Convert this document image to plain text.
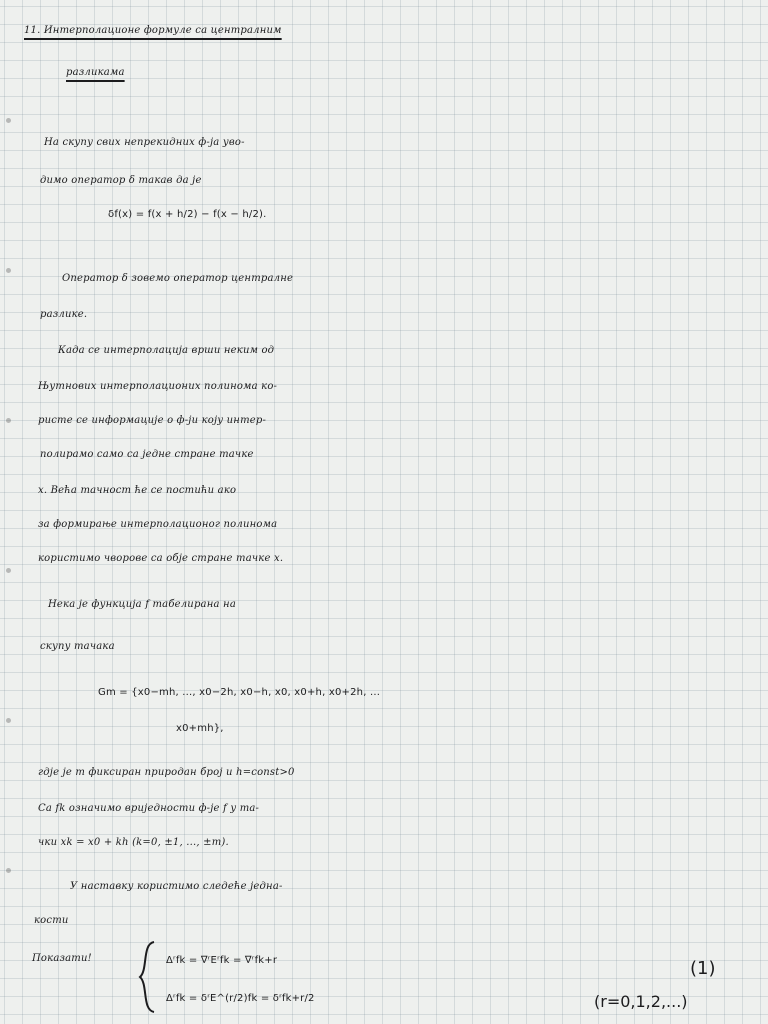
11. Интерполационе формуле са централним
разликама
На скупу свих непрекидних ф-ја уво-
димо оператор δ такав да је
δf(x) = f(x + h/2) − f(x − h/2).
Оператор δ зовемо оператор централне
разлике.
Када се интерполација врши неким од
Њутнових интерполационих полинома ко-
ристе се информације о ф-ји коју интер-
полирамо само са једне стране тачке
x. Већа тачност ће се постићи ако
за формирање интерполационог полинома
користимо чворове са обје стране тачке x.
Нека је функција f табелирана на
скупу тачака
Gm = {x0−mh, ..., x0−2h, x0−h, x0, x0+h, x0+2h, ...
x0+mh},
гдје је m фиксиран природан број и h=const>0
Са fk означимо вриједности ф-је f у та-
чки xk = x0 + kh (k=0, ±1, ..., ±m).
У наставку користимо следеће једна-
кости
Показати!	Δʳfk = ∇ʳEʳfk = ∇ʳfk+r	(1)
Δʳfk = δʳE^(r/2)fk = δʳfk+r/2	(r=0,1,2,...)
